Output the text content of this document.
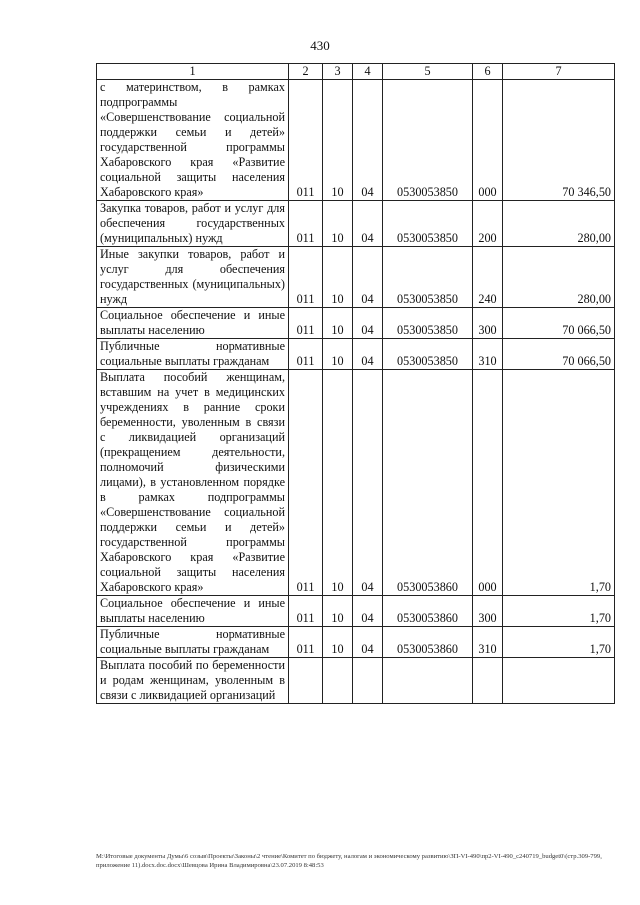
430
1	2	3	4	5	6	7

с материнством, в рамках подпрограммы «Совершенствование социальной поддержки семьи и детей» государственной программы Хабаровского края «Развитие социальной защиты населения Хабаровского края»	011	10	04	0530053850	000	70 346,50

Закупка товаров, работ и услуг для обеспечения государственных (муниципальных) нужд	011	10	04	0530053850	200	280,00

Иные закупки товаров, работ и услуг для обеспечения государственных (муниципальных) нужд	011	10	04	0530053850	240	280,00

Социальное обеспечение и иные выплаты населению	011	10	04	0530053850	300	70 066,50

Публичные нормативные социальные выплаты гражданам	011	10	04	0530053850	310	70 066,50

Выплата пособий женщинам, вставшим на учет в медицинских учреждениях в ранние сроки беременности, уволенным в связи с ликвидацией организаций (прекращением деятельности, полномочий физическими лицами), в установленном порядке в рамках подпрограммы «Совершенствование социальной поддержки семьи и детей» государственной программы Хабаровского края «Развитие социальной защиты населения Хабаровского края»	011	10	04	0530053860	000	1,70

Социальное обеспечение и иные выплаты населению	011	10	04	0530053860	300	1,70

Публичные нормативные социальные выплаты гражданам	011	10	04	0530053860	310	1,70

Выплата пособий по беременности и родам женщинам, уволенным в связи с ликвидацией организаций						

M:\Итоговые документы Думы\6 созыв\Проекты\Законы\2 чтение\Комитет по бюджету, налогам и экономическому развитию\ЗП-VI-490\пр2-VI-490_с240719_budget0\(стр.309-799, приложение 11).docx.doc.docx\Шевцова Ирина Владимировна\23.07.2019 8:48:53
